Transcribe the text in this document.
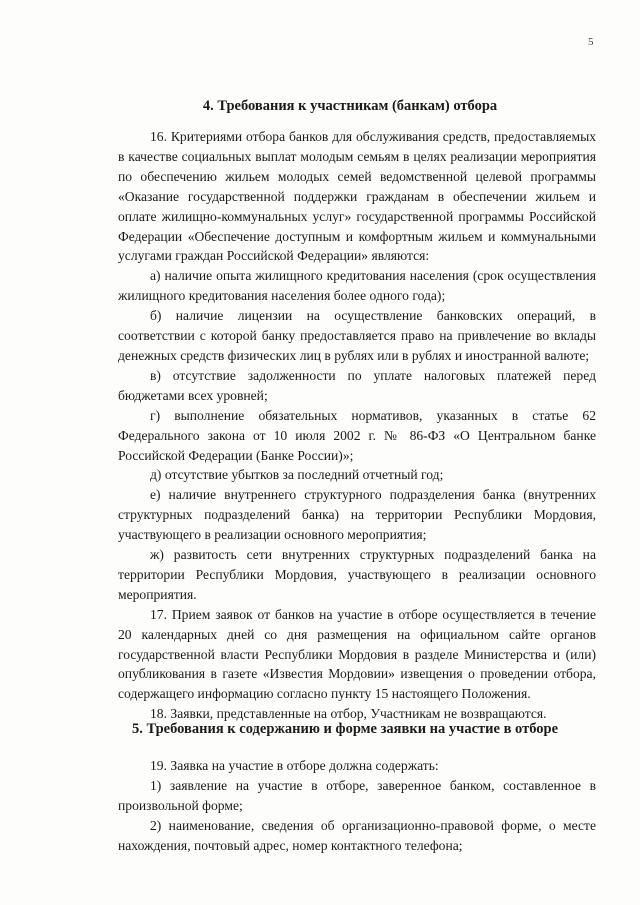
5
4. Требования к участникам (банкам) отбора

16. Критериями отбора банков для обслуживания средств, предоставляемых в качестве социальных выплат молодым семьям в целях реализации мероприятия по обеспечению жильем молодых семей ведомственной целевой программы «Оказание государственной поддержки гражданам в обеспечении жильем и оплате жилищно-коммунальных услуг» государственной программы Российской Федерации «Обеспечение доступным и комфортным жильем и коммунальными услугами граждан Российской Федерации» являются:

а) наличие опыта жилищного кредитования населения (срок осуществления жилищного кредитования населения более одного года);

б) наличие лицензии на осуществление банковских операций, в соответствии с которой банку предоставляется право на привлечение во вклады денежных средств физических лиц в рублях или в рублях и иностранной валюте;

в) отсутствие задолженности по уплате налоговых платежей перед бюджетами всех уровней;

г) выполнение обязательных нормативов, указанных в статье 62 Федерального закона от 10 июля 2002 г. № 86-ФЗ «О Центральном банке Российской Федерации (Банке России)»;

д) отсутствие убытков за последний отчетный год;

е) наличие внутреннего структурного подразделения банка (внутренних структурных подразделений банка) на территории Республики Мордовия, участвующего в реализации основного мероприятия;

ж) развитость сети внутренних структурных подразделений банка на территории Республики Мордовия, участвующего в реализации основного мероприятия.

17. Прием заявок от банков на участие в отборе осуществляется в течение 20 календарных дней со дня размещения на официальном сайте органов государственной власти Республики Мордовия в разделе Министерства и (или) опубликования в газете «Известия Мордовии» извещения о проведении отбора, содержащего информацию согласно пункту 15 настоящего Положения.

18. Заявки, представленные на отбор, Участникам не возвращаются.

5. Требования к содержанию и форме заявки на участие в отборе

19. Заявка на участие в отборе должна содержать:

1) заявление на участие в отборе, заверенное банком, составленное в произвольной форме;

2) наименование, сведения об организационно-правовой форме, о месте нахождения, почтовый адрес, номер контактного телефона;
